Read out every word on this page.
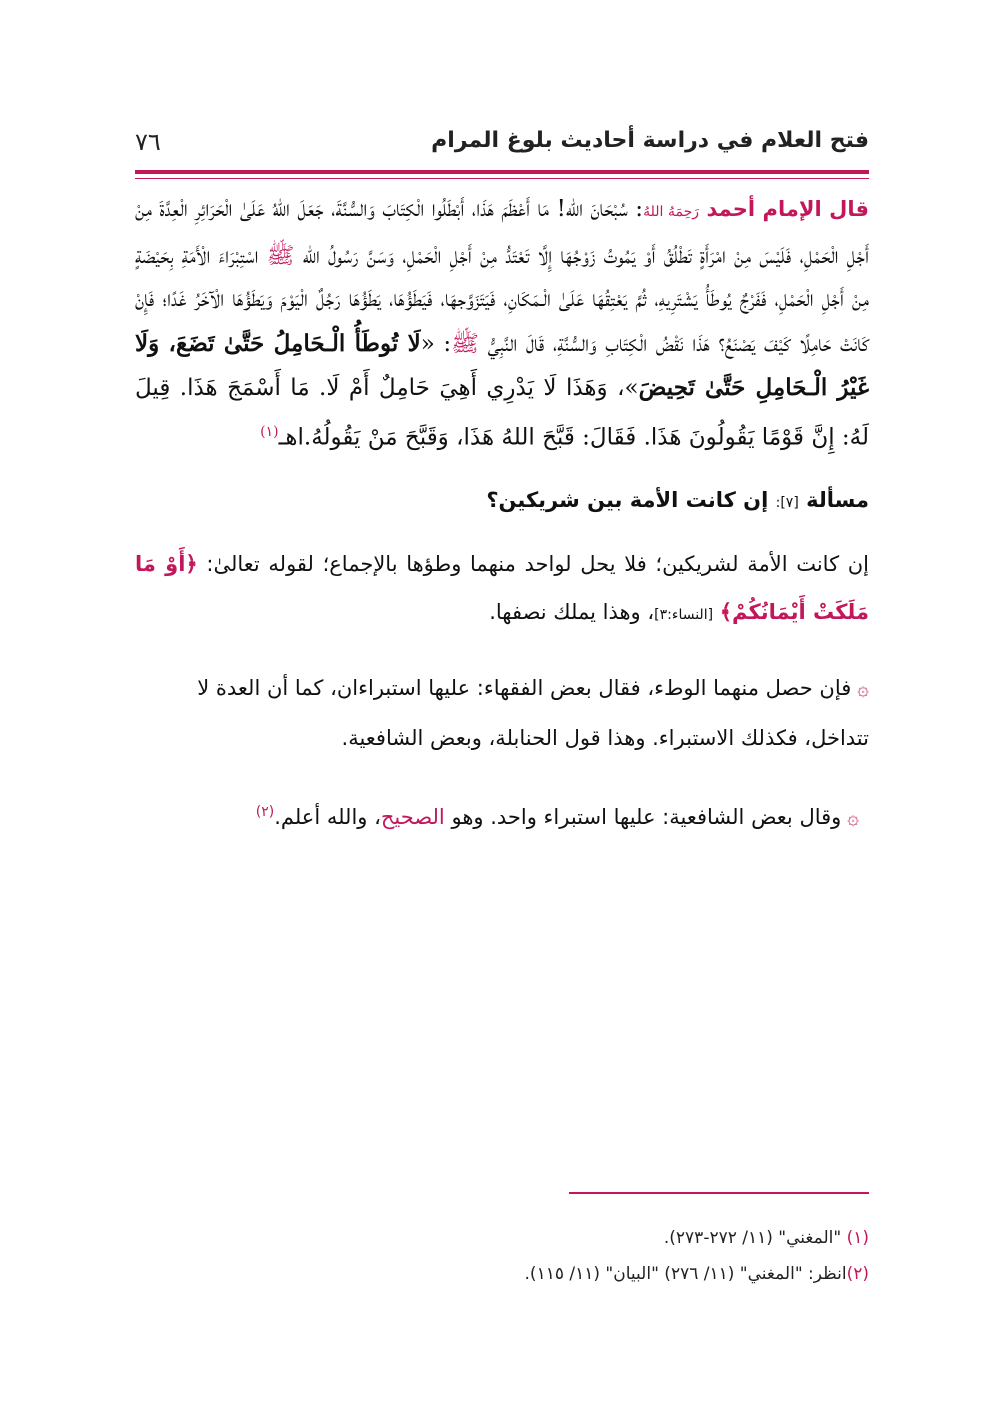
فتح العلام في دراسة أحاديث بلوغ المرام
٧٦

قال الإمام أحمد رَحِمَهُ اللهُ: سُبْحَانَ الله! مَا أَعْظَمَ هَذَا، أَبْطَلُوا الْكِتَابَ وَالسُّنَّةَ، جَعَلَ اللهُ عَلَىٰ الْحَرَائِرِ الْعِدَّةَ مِنْ أَجْلِ الْحَمْلِ، فَلَيْسَ مِنْ امْرَأَةٍ تَطْلُقُ أَوْ يَمُوتُ زَوْجُهَا إِلَّا تَعْتَدُّ مِنْ أَجْلِ الْحَمْلِ، وَسَنَّ رَسُولُ الله ﷺ اسْتِبْرَاءَ الْأَمَةِ بِحَيْضَةٍ مِنْ أَجْلِ الْحَمْلِ، فَفَرْجٌ يُوطَأُ يَشْتَرِيهِ، ثُمَّ يَعْتِقُهَا عَلَىٰ الْـمَكَانِ، فَيَتَزَوَّجهَا، فَيَطَؤُهَا، يَطَؤُهَا رَجُلٌ الْيَوْمَ وَيَطَؤُهَا الْآخَرُ غَدًا؛ فَإِنْ كَانَتْ حَامِلًا كَيْفَ يَصْنَعُ؟ هَذَا نَقْضُ الْكِتَابِ وَالسُّنَّةِ، قَالَ النَّبِيُّ ﷺ: «لَا تُوطَأُ الْـحَامِلُ حَتَّىٰ تَضَعَ، وَلَا غَيْرُ الْـحَامِلِ حَتَّىٰ تَحِيضَ»، وَهَذَا لَا يَدْرِي أَهِيَ حَامِلٌ أَمْ لَا. مَا أَسْمَجَ هَذَا. قِيلَ لَهُ: إِنَّ قَوْمًا يَقُولُونَ هَذَا. فَقَالَ: قَبَّحَ اللهُ هَذَا، وَقَبَّحَ مَنْ يَقُولُهُ.اهـ$^{(١)}$

مسألة [٧]: إن كانت الأمة بين شريكين؟

إن كانت الأمة لشريكين؛ فلا يحل لواحد منهما وطؤها بالإجماع؛ لقوله تعالىٰ: ﴿أَوْ مَا مَلَكَتْ أَيْمَانُكُمْ﴾ [النساء:٣]، وهذا يملك نصفها.

۞فإن حصل منهما الوطء، فقال بعض الفقهاء: عليها استبراءان، كما أن العدة لا تتداخل، فكذلك الاستبراء. وهذا قول الحنابلة، وبعض الشافعية.

۞وقال بعض الشافعية: عليها استبراء واحد. وهو الصحيح، والله أعلم.$^{(٢)}$

(١) "المغني" (١١/ ٢٧٢-٢٧٣).
(٢)انظر: "المغني" (١١/ ٢٧٦) "البيان" (١١/ ١١٥).
